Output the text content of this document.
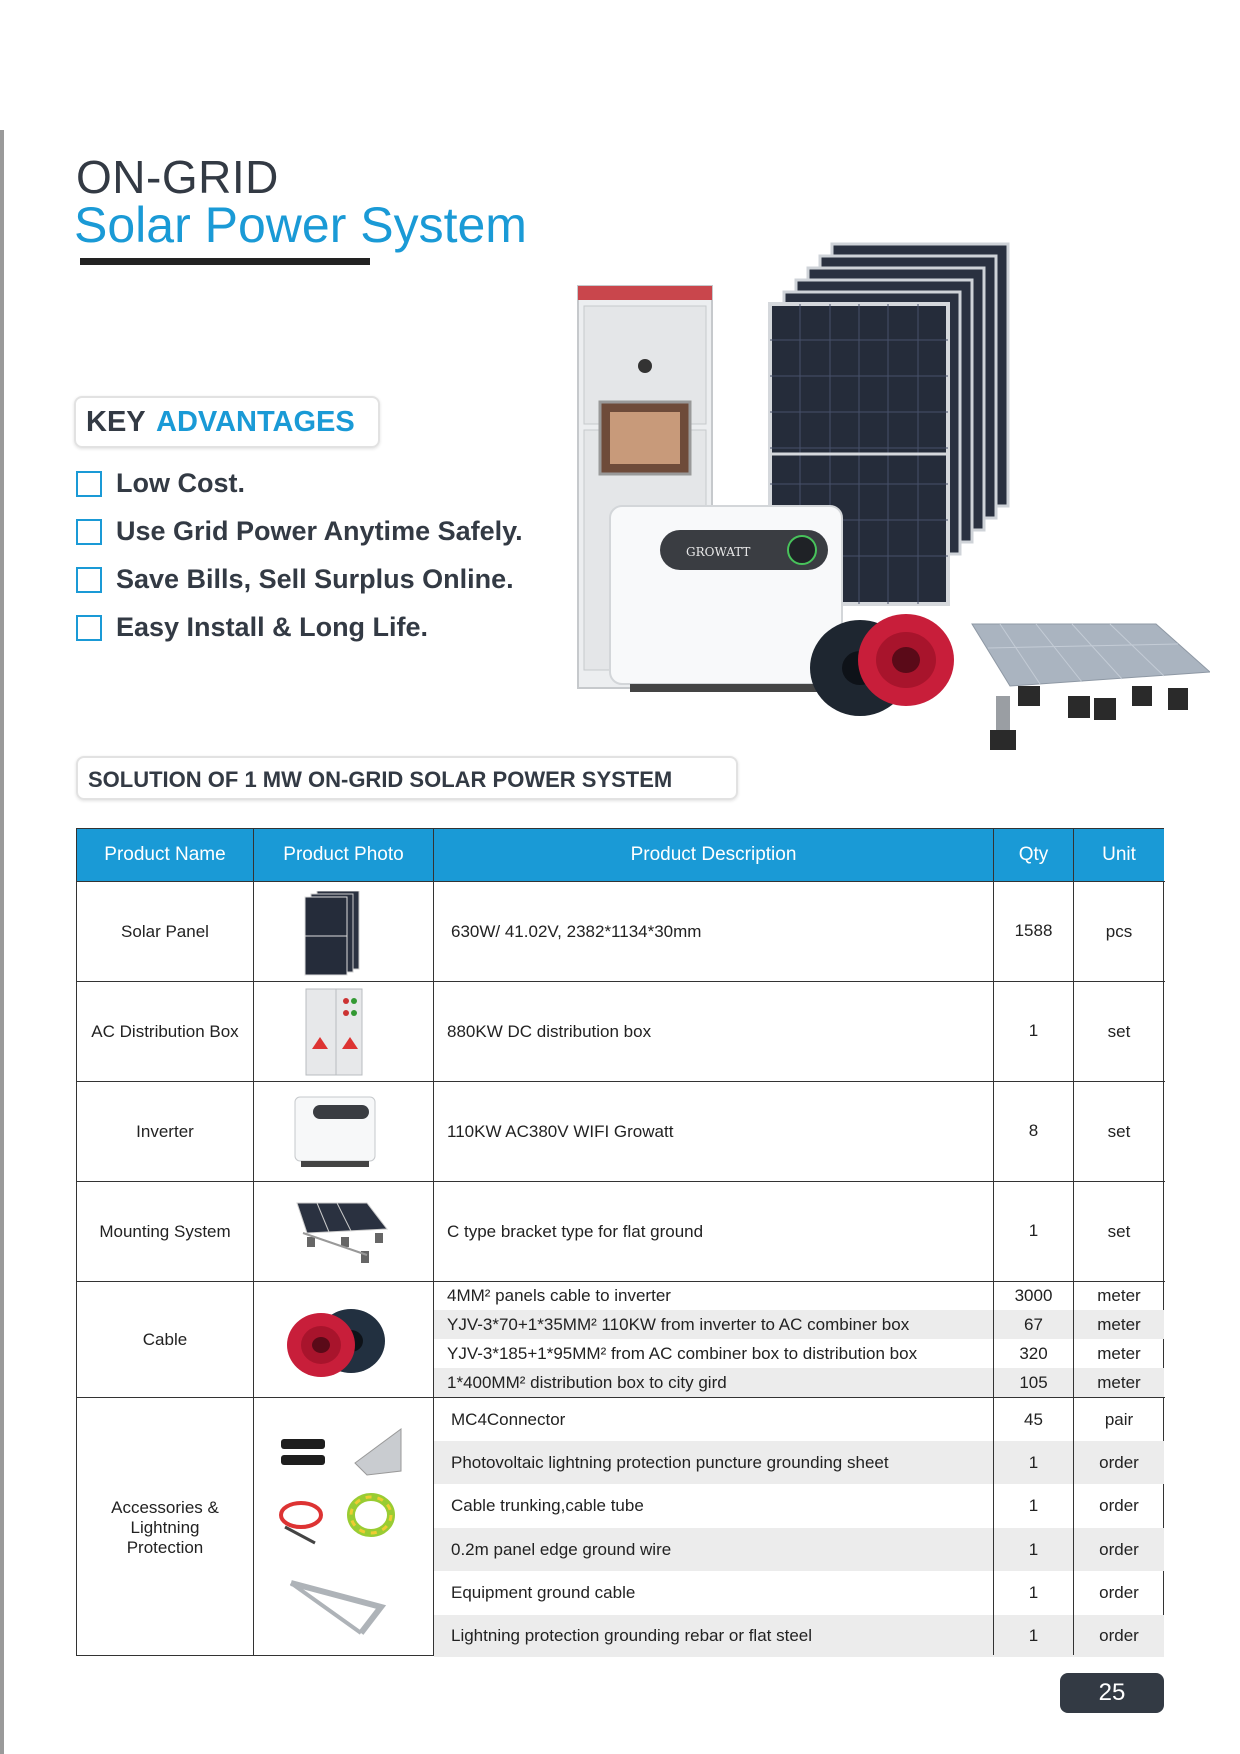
ON-GRID
Solar Power System
KEY ADVANTAGES
Low Cost.
Use Grid Power Anytime Safely.
Save Bills, Sell Surplus Online.
Easy Install & Long Life.
GROWATT
SOLUTION OF 1 MW ON-GRID SOLAR POWER SYSTEM
Product Name	Product Photo	Product Description	Qty	Unit
Solar Panel	630W/ 41.02V, 2382*1134*30mm	1588	pcs
AC Distribution Box	880KW DC distribution box	1	set
Inverter	110KW AC380V WIFI Growatt	8	set
Mounting System	C type bracket type for flat ground	1	set
Cable
4MM² panels cable to inverter	3000	meter
YJV-3*70+1*35MM² 110KW from inverter to AC combiner box	67	meter
YJV-3*185+1*95MM² from AC combiner box to distribution box	320	meter
1*400MM² distribution box to city gird	105	meter
Accessories &
Lightning
Protection
MC4Connector	45	pair
Photovoltaic lightning protection puncture grounding sheet	1	order
Cable trunking,cable tube	1	order
0.2m panel edge ground wire	1	order
Equipment ground cable	1	order
Lightning protection grounding rebar or flat steel	1	order
25
